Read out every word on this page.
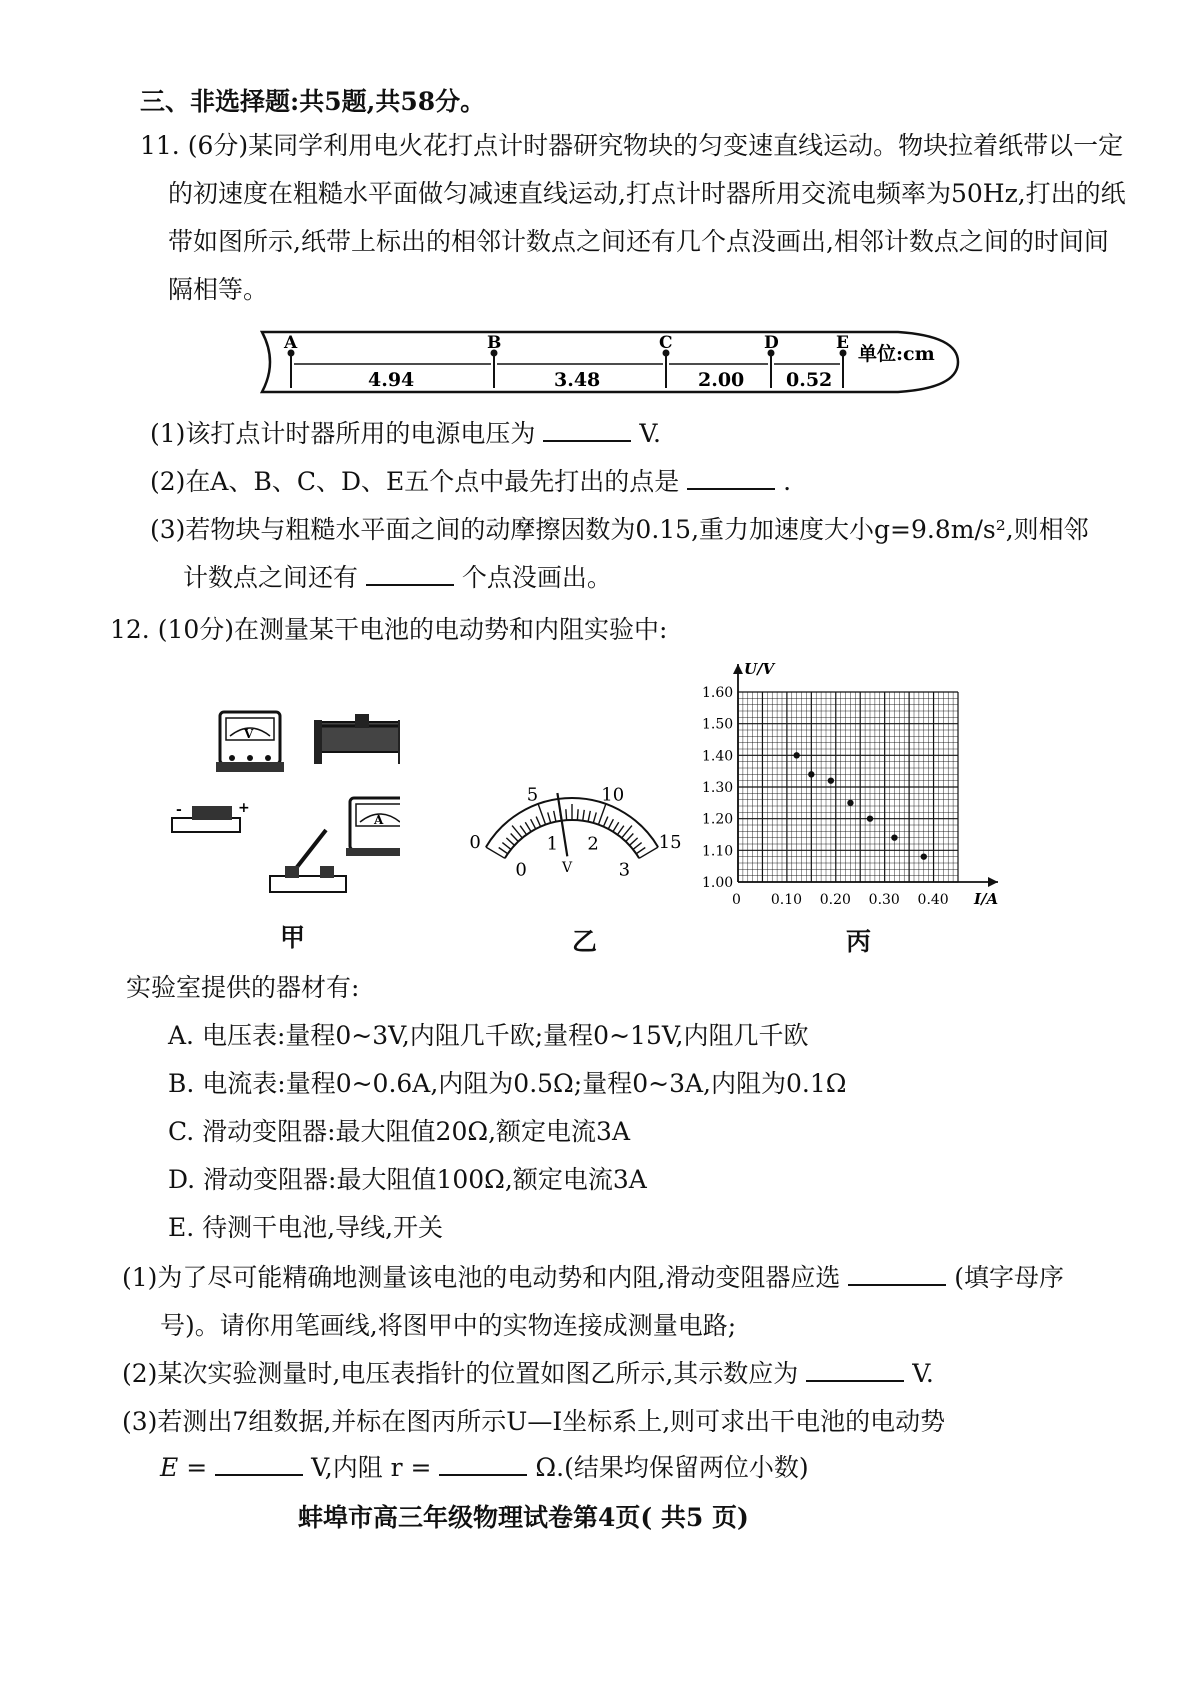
三、非选择题:共5题,共58分。
11. (6分)某同学利用电火花打点计时器研究物块的匀变速直线运动。物块拉着纸带以一定
的初速度在粗糙水平面做匀减速直线运动,打点计时器所用交流电频率为50Hz,打出的纸
带如图所示,纸带上标出的相邻计数点之间还有几个点没画出,相邻计数点之间的时间间
隔相等。
A	B	C	D	E
4.94	3.48	2.00 0.52
单位:cm
(1)该打点计时器所用的电源电压为	V.
(2)在A、B、C、D、E五个点中最先打出的点是	.
(3)若物块与粗糙水平面之间的动摩擦因数为0.15,重力加速度大小g=9.8m/s²,则相邻
计数点之间还有	个点没画出。
12. (10分)在测量某干电池的电动势和内阻实验中:
V
-	+
A
0
5	10
15
0
1 2
3
V
1.00
1.10
1.20
1.30
1.40
1.50
1.60
0 0.10 0.20 0.30 0.40 I/A
U/V
甲	乙	丙
实验室提供的器材有:
A. 电压表:量程0~3V,内阻几千欧;量程0~15V,内阻几千欧
B. 电流表:量程0~0.6A,内阻为0.5Ω;量程0~3A,内阻为0.1Ω
C. 滑动变阻器:最大阻值20Ω,额定电流3A
D. 滑动变阻器:最大阻值100Ω,额定电流3A
E. 待测干电池,导线,开关
(1)为了尽可能精确地测量该电池的电动势和内阻,滑动变阻器应选	(填字母序
号)。请你用笔画线,将图甲中的实物连接成测量电路;
(2)某次实验测量时,电压表指针的位置如图乙所示,其示数应为	V.
(3)若测出7组数据,并标在图丙所示U—I坐标系上,则可求出干电池的电动势
E =	V,内阻 r =	Ω.(结果均保留两位小数)
蚌埠市高三年级物理试卷第4页( 共5 页)
